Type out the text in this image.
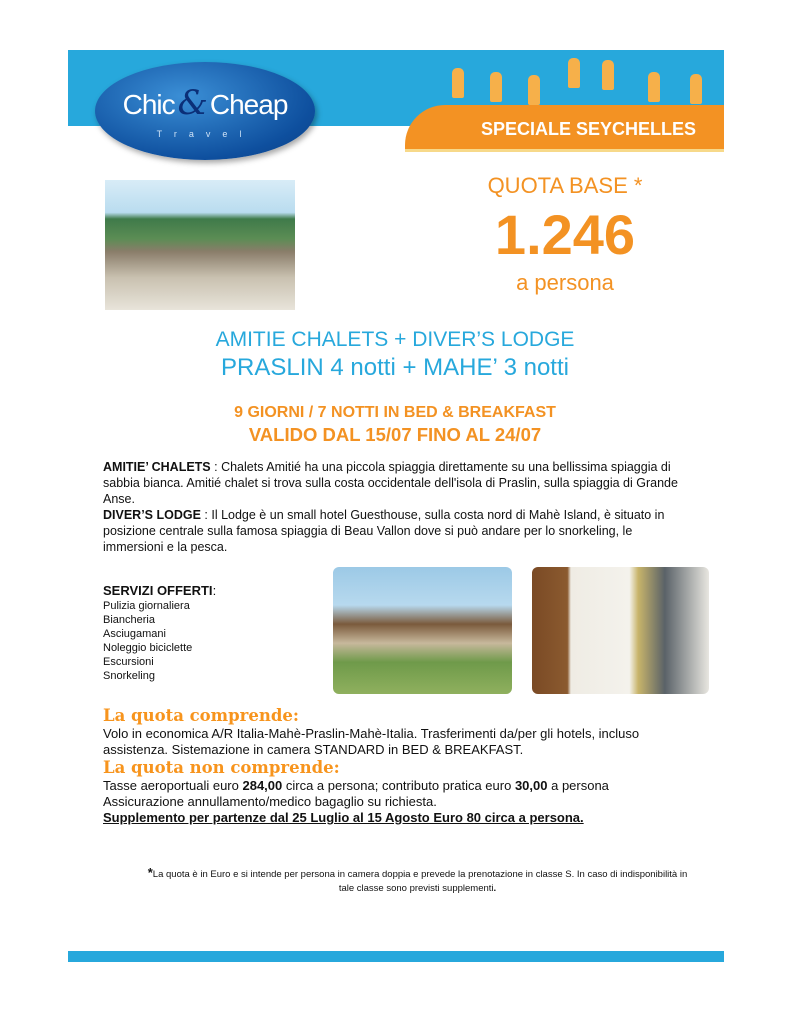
SPECIALE SEYCHELLES
Chic& Cheap
Travel
QUOTA BASE *
1.246
a persona
AMITIE CHALETS + DIVER’S LODGE
PRASLIN 4 notti + MAHE’ 3 notti
9 GIORNI / 7 NOTTI IN BED & BREAKFAST
VALIDO DAL 15/07 FINO AL 24/07
AMITIE’ CHALETS : Chalets Amitié ha una piccola spiaggia direttamente su una bellissima spiaggia di sabbia bianca. Amitié chalet si trova sulla costa occidentale dell'isola di Praslin, sulla spiaggia di Grande Anse.
DIVER’S LODGE : Il Lodge è un small hotel Guesthouse, sulla costa nord di Mahè Island, è situato in posizione centrale sulla famosa spiaggia di Beau Vallon dove si può andare per lo snorkeling, le immersioni e la pesca.
SERVIZI OFFERTI:
Pulizia giornaliera
Biancheria
Asciugamani
Noleggio biciclette
Escursioni
Snorkeling
La quota comprende:
Volo in economica A/R Italia-Mahè-Praslin-Mahè-Italia. Trasferimenti da/per gli hotels, incluso assistenza. Sistemazione in camera STANDARD in BED & BREAKFAST.
La quota non comprende:
Tasse aeroportuali euro 284,00 circa a persona; contributo pratica euro 30,00 a persona
Assicurazione annullamento/medico bagaglio su richiesta.
Supplemento per partenze dal 25 Luglio al 15 Agosto Euro 80 circa a persona.
*La quota è in Euro e si intende per persona in camera doppia e prevede la prenotazione in classe S. In caso di indisponibilità in tale classe sono previsti supplementi.
